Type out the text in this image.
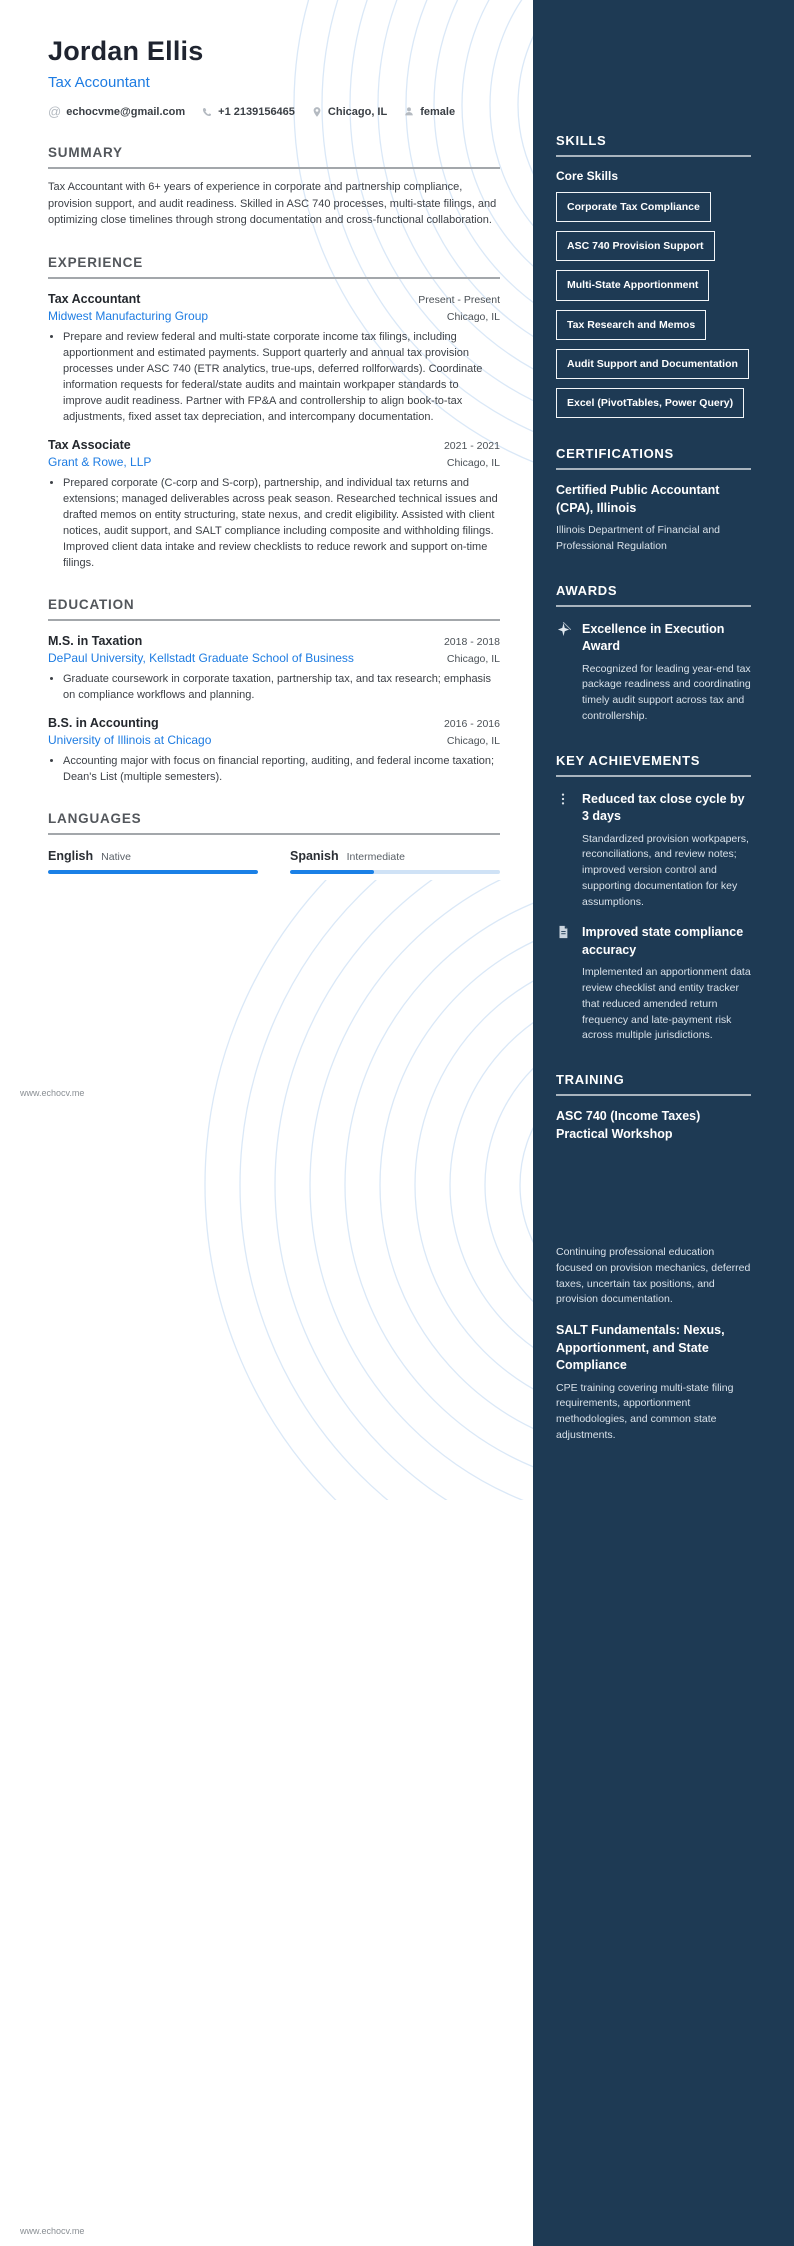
Jordan Ellis
Tax Accountant
@ echocvme@gmail.com	+1 2139156465	Chicago, IL	female
SUMMARY

Tax Accountant with 6+ years of experience in corporate and partnership compliance, provision support, and audit readiness. Skilled in ASC 740 processes, multi-state filings, and optimizing close timelines through strong documentation and cross-functional collaboration.

EXPERIENCE
Tax Accountant	Present - Present
Midwest Manufacturing Group	Chicago, IL
• Prepare and review federal and multi-state corporate income tax filings, including apportionment and estimated payments. Support quarterly and annual tax provision processes under ASC 740 (ETR analytics, true-ups, deferred rollforwards). Coordinate information requests for federal/state audits and maintain workpaper standards to improve audit readiness. Partner with FP&A and controllership to align book-to-tax adjustments, fixed asset tax depreciation, and intercompany documentation.
Tax Associate	2021 - 2021
Grant & Rowe, LLP	Chicago, IL
• Prepared corporate (C-corp and S-corp), partnership, and individual tax returns and extensions; managed deliverables across peak season. Researched technical issues and drafted memos on entity structuring, state nexus, and credit eligibility. Assisted with client notices, audit support, and SALT compliance including composite and withholding filings. Improved client data intake and review checklists to reduce rework and support on-time filings.
EDUCATION
M.S. in Taxation	2018 - 2018
DePaul University, Kellstadt Graduate School of Business	Chicago, IL
• Graduate coursework in corporate taxation, partnership tax, and tax research; emphasis on compliance workflows and planning.
B.S. in Accounting	2016 - 2016
University of Illinois at Chicago	Chicago, IL
• Accounting major with focus on financial reporting, auditing, and federal income taxation; Dean's List (multiple semesters).
LANGUAGES
English Native	Spanish Intermediate
www.echocv.me
www.echocv.me
SKILLS
Core Skills
Corporate Tax Compliance
ASC 740 Provision Support
Multi-State Apportionment
Tax Research and Memos
Audit Support and Documentation
Excel (PivotTables, Power Query)
CERTIFICATIONS
Certified Public Accountant (CPA), Illinois
Illinois Department of Financial and Professional Regulation
AWARDS
Excellence in Execution Award
Recognized for leading year-end tax package readiness and coordinating timely audit support across tax and controllership.
KEY ACHIEVEMENTS
Reduced tax close cycle by 3 days
Standardized provision workpapers, reconciliations, and review notes; improved version control and supporting documentation for key assumptions.
Improved state compliance accuracy
Implemented an apportionment data review checklist and entity tracker that reduced amended return frequency and late-payment risk across multiple jurisdictions.
TRAINING
ASC 740 (Income Taxes) Practical Workshop
Continuing professional education focused on provision mechanics, deferred taxes, uncertain tax positions, and provision documentation.
SALT Fundamentals: Nexus, Apportionment, and State Compliance
CPE training covering multi-state filing requirements, apportionment methodologies, and common state adjustments.
